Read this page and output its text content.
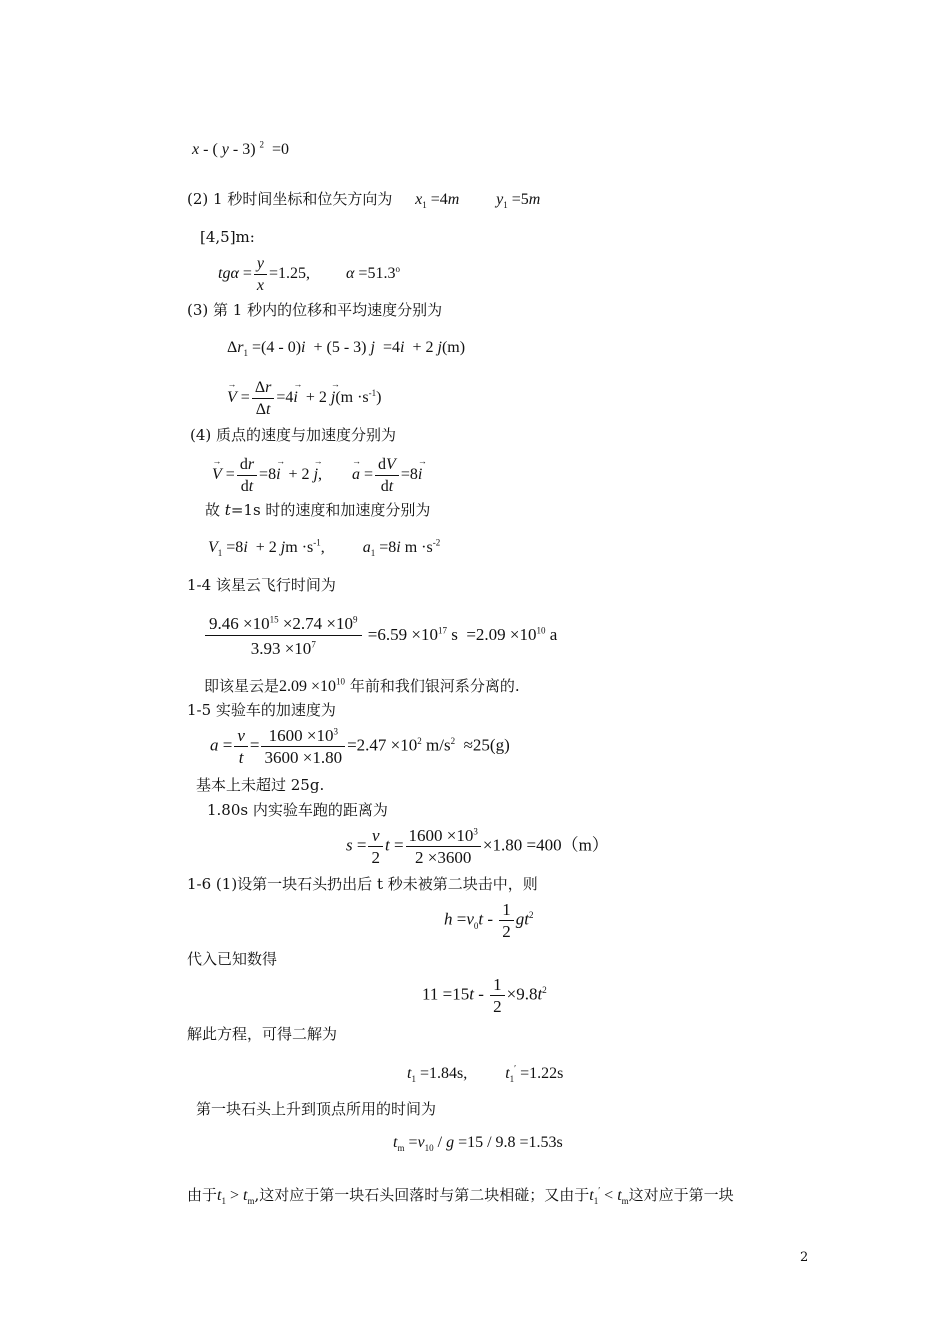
x - ( y - 3) $^2$  =0
(2) 1 秒时间坐标和位矢方向为 $x_1 =4m$ $y_1 =5m$
[4,5]m:
$tg\alpha = \frac{y}{x} =1.25$,         $\alpha =51.3^o$
(3) 第 1 秒内的位移和平均速度分别为
$\Delta r_1 =(4 - 0)i + (5 - 3)$ j  =4i  + 2 j(m)
→ $V = \frac{\Delta r}{\Delta t} =4\to i + 2 \to j(m \cdot s^{-1})$
(4) 质点的速度与加速度分别为
→ $V = \frac{dr}{dt} =8\to i + 2 \to j$, → $a = \frac{dV}{dt} =8\to i$
故 t=1s 时的速度和加速度分别为
$V_1 =8i + 2$ jm $\cdot s^{-1}$, $a_1 =8i$ $m \cdot s^{-2}$
1-4 该星云飞行时间为
$\frac{9.46 \times 10^{15} \times 2.74 \times 10^9}{3.93 \times 10^7} =6.59 \times 10^{17}$ $s =2.09 \times 10^{10}$ a
即该星云是$2.09 \times 10^{10}$ 年前和我们银河系分离的.
1-5 实验车的加速度为
$a = \frac{v}{t} = \frac{1600 \times 10^3}{3600 \times 1.80} =2.47 \times 10^2$ $m/s^2 \approx 25(g)$
基本上未超过 25g.
1.80s 内实验车跑的距离为
$s = \frac{v}{2}$ $t = \frac{1600 \times 10^3}{2 \times 3600} \times 1.80 =400(m)$
1-6 (1)设第一块石头扔出后 t 秒未被第二块击中，则
$h =v_0t - \frac{1}{2} gt^2$
代入已知数得
$11 =15t - \frac{1}{2} \times 9.8t^2$
解此方程，可得二解为
$t_1 =1.84s$, $t_1' =1.22s$
第一块石头上升到顶点所用的时间为
$t_m =v_{10} / g =15 / 9.8 =1.53s$
由于$t_1 > t_m$,这对应于第一块石头回落时与第二块相碰；又由于$t_1' < t_m$这对应于第一块
2
